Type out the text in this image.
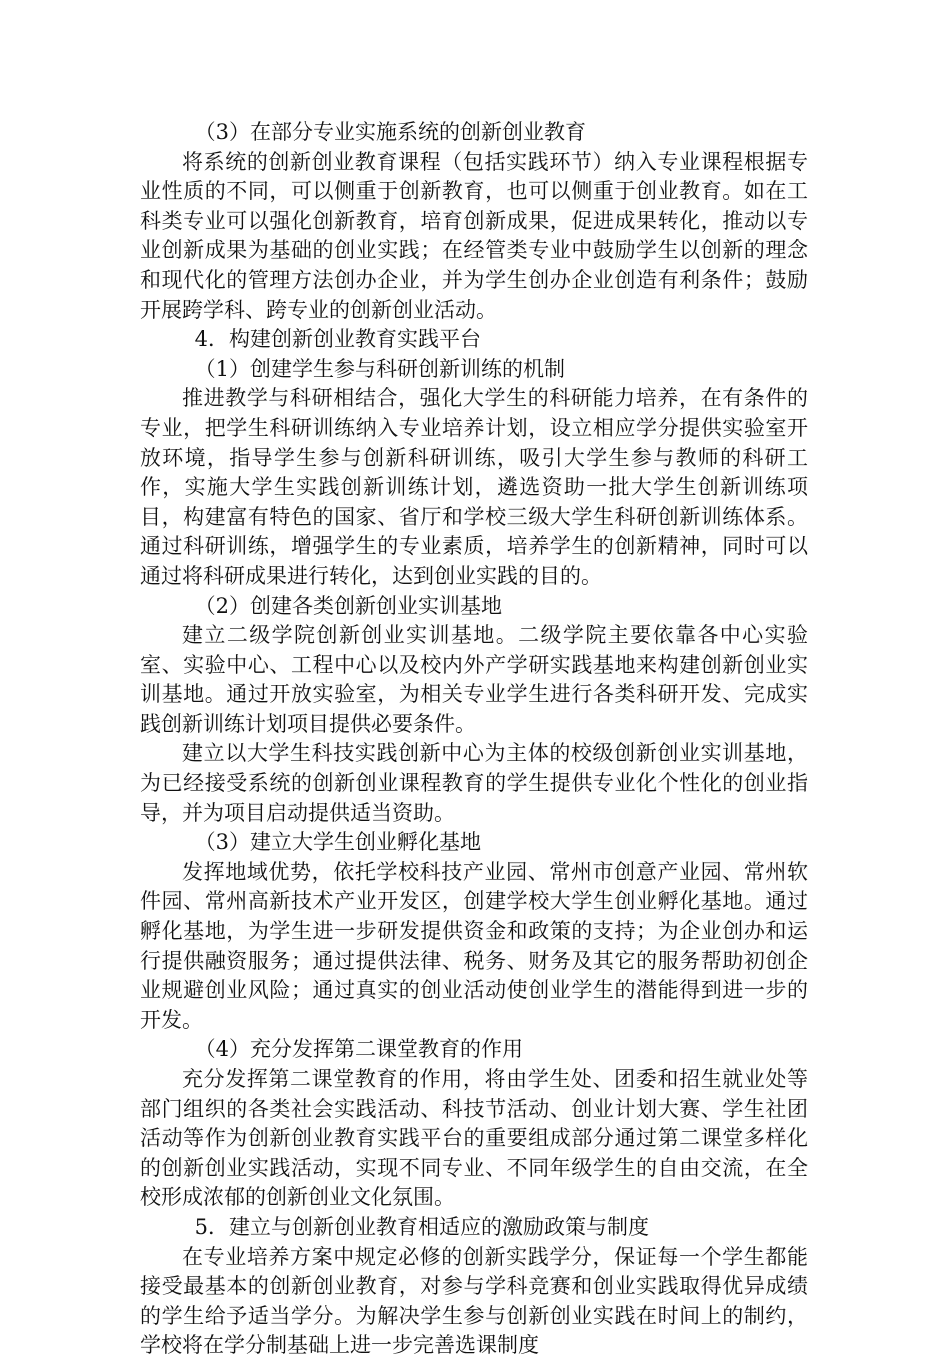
（3）在部分专业实施系统的创新创业教育

将系统的创新创业教育课程（包括实践环节）纳入专业课程根据专业性质的不同，可以侧重于创新教育，也可以侧重于创业教育。如在工科类专业可以强化创新教育，培育创新成果，促进成果转化，推动以专业创新成果为基础的创业实践；在经管类专业中鼓励学生以创新的理念和现代化的管理方法创办企业，并为学生创办企业创造有利条件；鼓励开展跨学科、跨专业的创新创业活动。

4．构建创新创业教育实践平台

（1）创建学生参与科研创新训练的机制

推进教学与科研相结合，强化大学生的科研能力培养，在有条件的专业，把学生科研训练纳入专业培养计划，设立相应学分提供实验室开放环境，指导学生参与创新科研训练，吸引大学生参与教师的科研工作，实施大学生实践创新训练计划，遴选资助一批大学生创新训练项目，构建富有特色的国家、省厅和学校三级大学生科研创新训练体系。通过科研训练，增强学生的专业素质，培养学生的创新精神，同时可以通过将科研成果进行转化，达到创业实践的目的。

（2）创建各类创新创业实训基地

建立二级学院创新创业实训基地。二级学院主要依靠各中心实验室、实验中心、工程中心以及校内外产学研实践基地来构建创新创业实训基地。通过开放实验室，为相关专业学生进行各类科研开发、完成实践创新训练计划项目提供必要条件。

建立以大学生科技实践创新中心为主体的校级创新创业实训基地，为已经接受系统的创新创业课程教育的学生提供专业化个性化的创业指导，并为项目启动提供适当资助。

（3）建立大学生创业孵化基地

发挥地域优势，依托学校科技产业园、常州市创意产业园、常州软件园、常州高新技术产业开发区，创建学校大学生创业孵化基地。通过孵化基地，为学生进一步研发提供资金和政策的支持；为企业创办和运行提供融资服务；通过提供法律、税务、财务及其它的服务帮助初创企业规避创业风险；通过真实的创业活动使创业学生的潜能得到进一步的开发。

（4）充分发挥第二课堂教育的作用

充分发挥第二课堂教育的作用，将由学生处、团委和招生就业处等部门组织的各类社会实践活动、科技节活动、创业计划大赛、学生社团活动等作为创新创业教育实践平台的重要组成部分通过第二课堂多样化的创新创业实践活动，实现不同专业、不同年级学生的自由交流，在全校形成浓郁的创新创业文化氛围。

5．建立与创新创业教育相适应的激励政策与制度

在专业培养方案中规定必修的创新实践学分，保证每一个学生都能接受最基本的创新创业教育，对参与学科竞赛和创业实践取得优异成绩的学生给予适当学分。为解决学生参与创新创业实践在时间上的制约，学校将在学分制基础上进一步完善选课制度
